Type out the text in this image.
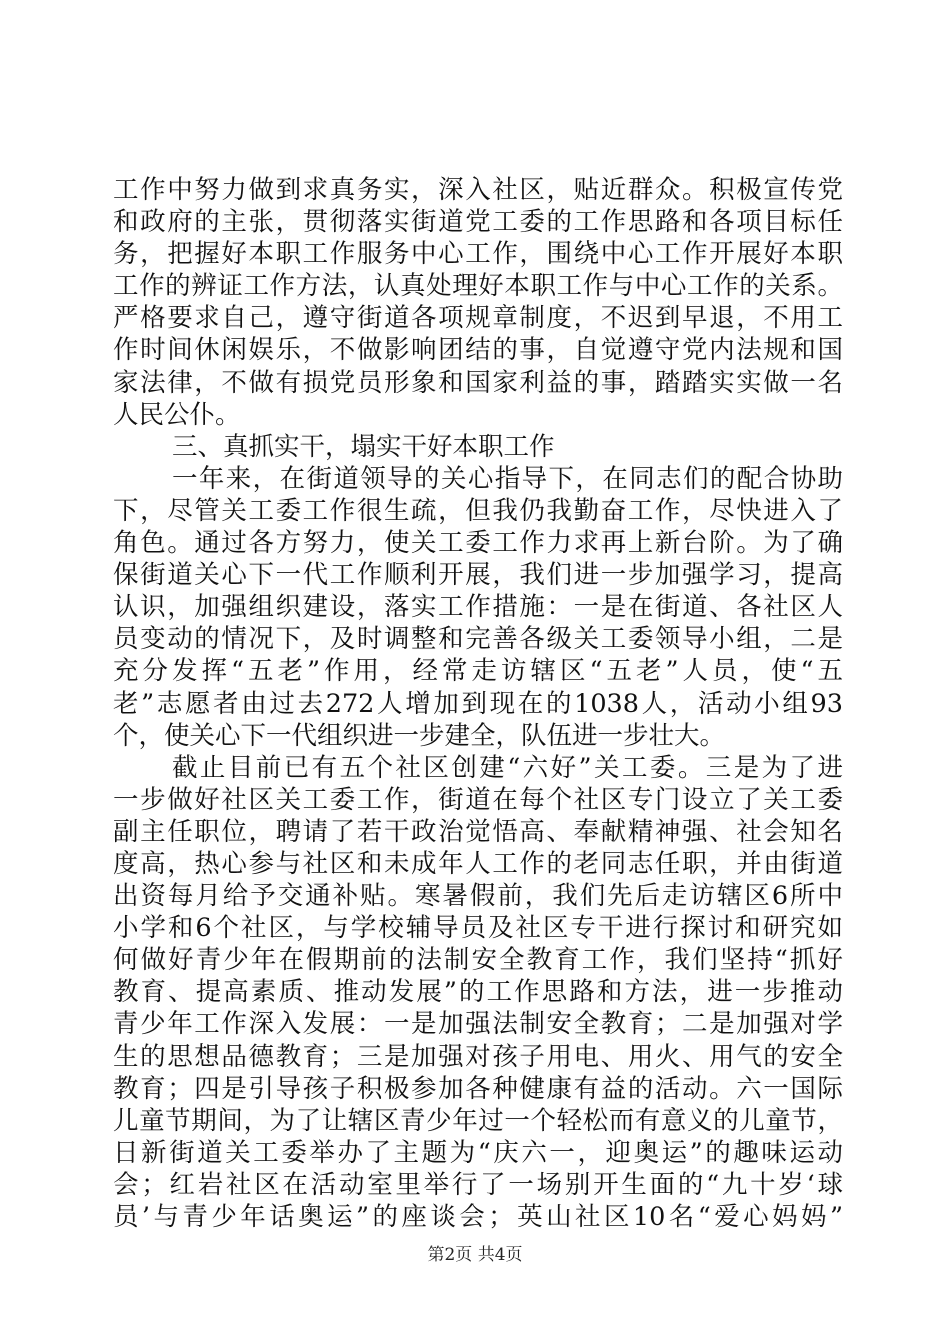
工作中努力做到求真务实，深入社区，贴近群众。积极宣传党
和政府的主张，贯彻落实街道党工委的工作思路和各项目标任
务，把握好本职工作服务中心工作，围绕中心工作开展好本职
工作的辨证工作方法，认真处理好本职工作与中心工作的关系。
严格要求自己，遵守街道各项规章制度，不迟到早退，不用工
作时间休闲娱乐，不做影响团结的事，自觉遵守党内法规和国
家法律，不做有损党员形象和国家利益的事，踏踏实实做一名
人民公仆。
三、真抓实干，塌实干好本职工作
一年来，在街道领导的关心指导下，在同志们的配合协助
下，尽管关工委工作很生疏，但我仍我勤奋工作，尽快进入了
角色。通过各方努力，使关工委工作力求再上新台阶。为了确
保街道关心下一代工作顺利开展，我们进一步加强学习，提高
认识，加强组织建设，落实工作措施：一是在街道、各社区人
员变动的情况下，及时调整和完善各级关工委领导小组，二是
充分发挥“五老”作用，经常走访辖区“五老”人员，使“五
老”志愿者由过去272人增加到现在的1038人，活动小组93
个，使关心下一代组织进一步建全，队伍进一步壮大。
截止目前已有五个社区创建“六好”关工委。三是为了进
一步做好社区关工委工作，街道在每个社区专门设立了关工委
副主任职位，聘请了若干政治觉悟高、奉献精神强、社会知名
度高，热心参与社区和未成年人工作的老同志任职，并由街道
出资每月给予交通补贴。寒暑假前，我们先后走访辖区6所中
小学和6个社区，与学校辅导员及社区专干进行探讨和研究如
何做好青少年在假期前的法制安全教育工作，我们坚持“抓好
教育、提高素质、推动发展”的工作思路和方法，进一步推动
青少年工作深入发展：一是加强法制安全教育；二是加强对学
生的思想品德教育；三是加强对孩子用电、用火、用气的安全
教育；四是引导孩子积极参加各种健康有益的活动。六一国际
儿童节期间，为了让辖区青少年过一个轻松而有意义的儿童节，
日新街道关工委举办了主题为“庆六一，迎奥运”的趣味运动
会；红岩社区在活动室里举行了一场别开生面的“九十岁‘球
员’与青少年话奥运”的座谈会；英山社区10名“爱心妈妈”
第2页 共4页
